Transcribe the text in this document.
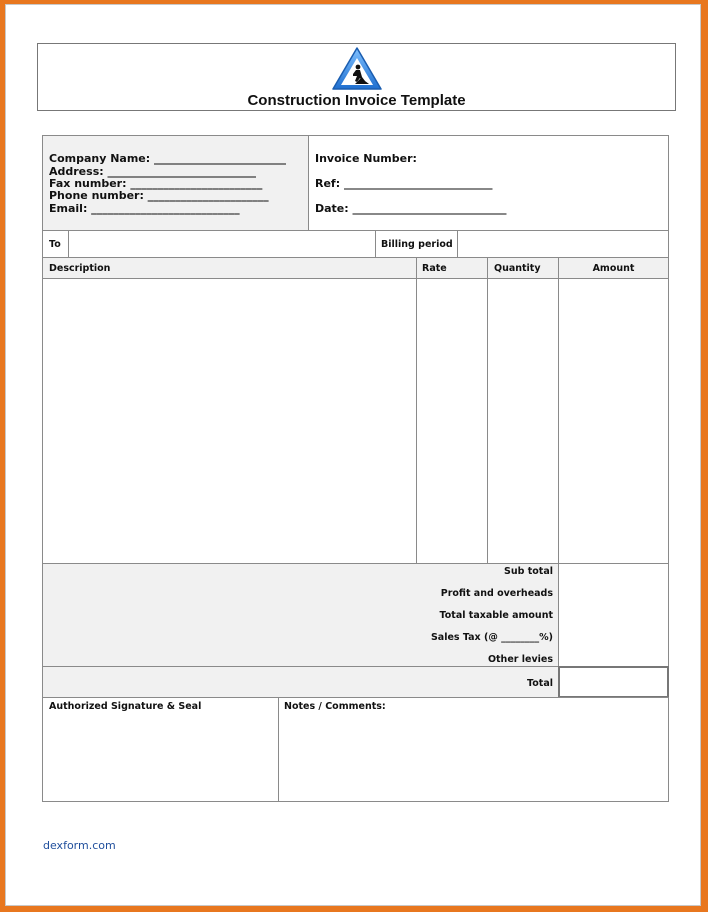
Construction Invoice Template
Company Name: ________________________
Address: ___________________________
Fax number: ________________________
Phone number: ______________________
Email: ___________________________
Invoice Number:
Ref: ___________________________
Date: ____________________________
To	Billing period
Description	Rate	Quantity	Amount
Sub total
Profit and overheads
Total taxable amount
Sales Tax (@ ________%)
Other levies
Total
Authorized Signature & Seal	Notes / Comments:
dexform.com
